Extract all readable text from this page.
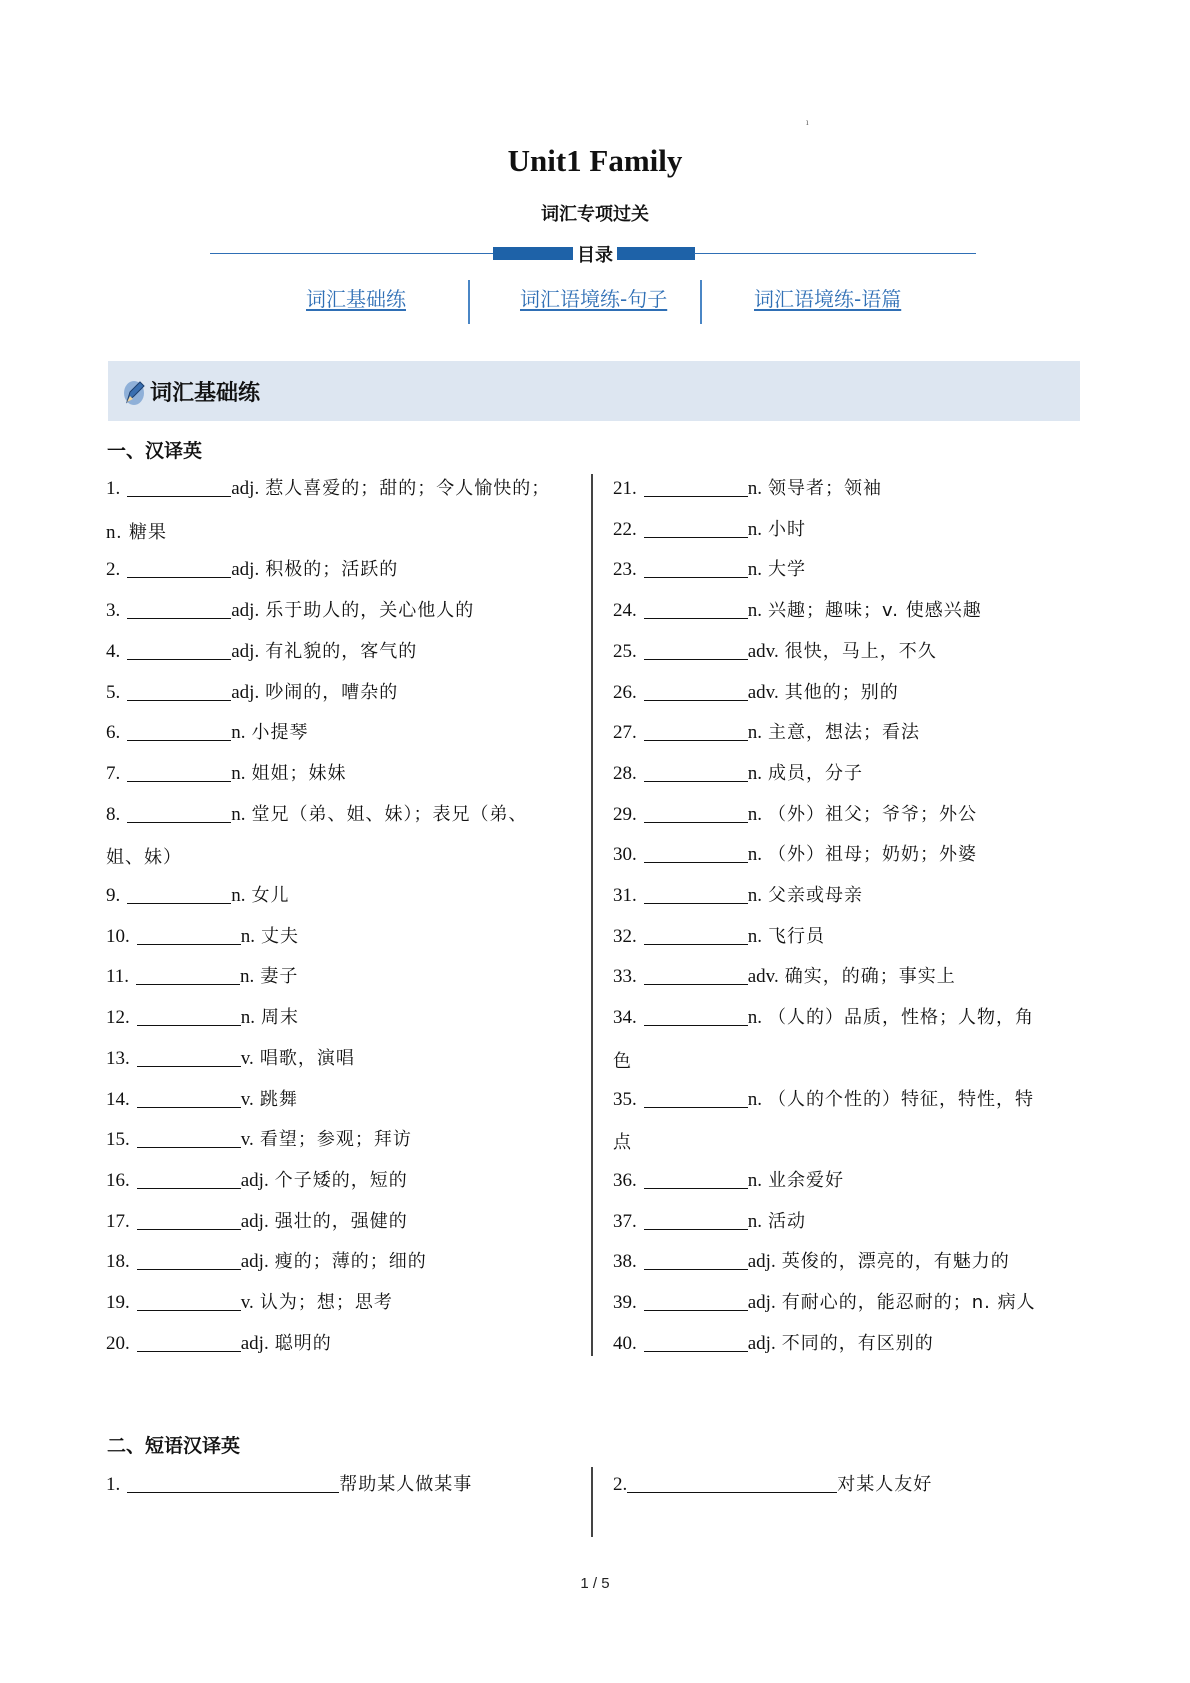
ı
Unit1 Family
词汇专项过关
目录
词汇基础练	词汇语境练-句子	词汇语境练-语篇
词汇基础练
一、汉译英
1.	adj. 惹人喜爱的；甜的；令人愉快的；
n. 糖果
2.	adj. 积极的；活跃的
3.	adj. 乐于助人的，关心他人的
4.	adj. 有礼貌的，客气的
5.	adj. 吵闹的，嘈杂的
6.	n. 小提琴
7.	n. 姐姐；妹妹
8.	n. 堂兄（弟、姐、妹）；表兄（弟、
姐、妹）
9.	n. 女儿
10.	n. 丈夫
11.	n. 妻子
12.	n. 周末
13.	v. 唱歌，演唱
14.	v. 跳舞
15.	v. 看望；参观；拜访
16.	adj. 个子矮的，短的
17.	adj. 强壮的，强健的
18.	adj. 瘦的；薄的；细的
19.	v. 认为；想；思考
20.	adj. 聪明的
21.	n. 领导者；领袖
22.	n. 小时
23.	n. 大学
24.	n. 兴趣；趣味；v. 使感兴趣
25.	adv. 很快，马上，不久
26.	adv. 其他的；别的
27.	n. 主意，想法；看法
28.	n. 成员，分子
29.	n. （外）祖父；爷爷；外公
30.	n. （外）祖母；奶奶；外婆
31.	n. 父亲或母亲
32.	n. 飞行员
33.	adv. 确实，的确；事实上
34.	n. （人的）品质，性格；人物，角
色
35.	n. （人的个性的）特征，特性，特
点
36.	n. 业余爱好
37.	n. 活动
38.	adj. 英俊的，漂亮的，有魅力的
39.	adj. 有耐心的，能忍耐的；n. 病人
40.	adj. 不同的，有区别的
二、短语汉译英
1.	帮助某人做某事	2.	对某人友好
1 / 5
